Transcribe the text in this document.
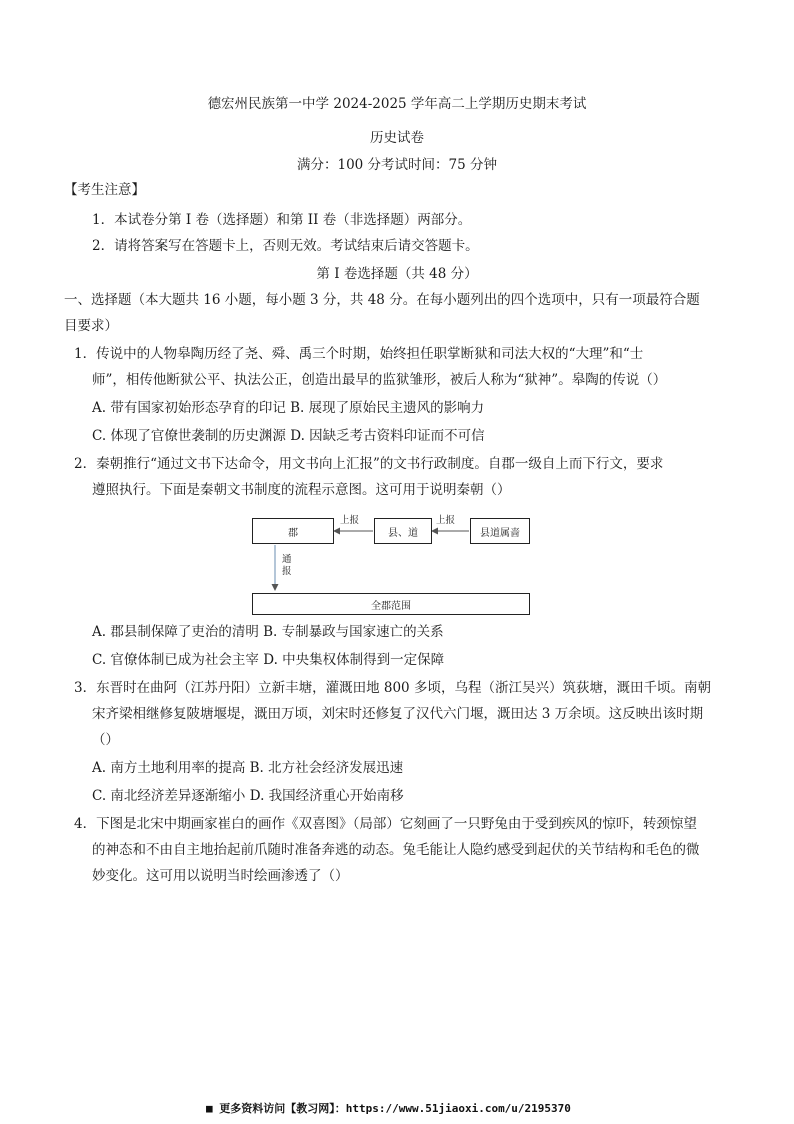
德宏州民族第一中学 2024-2025 学年高二上学期历史期末考试
历史试卷
满分：100 分考试时间：75 分钟
【考生注意】
1．本试卷分第 I 卷（选择题）和第 II 卷（非选择题）两部分。
2．请将答案写在答题卡上，否则无效。考试结束后请交答题卡。
第 I 卷选择题（共 48 分）
一、选择题（本大题共 16 小题，每小题 3 分，共 48 分。在每小题列出的四个选项中，只有一项最符合题
目要求）
1．传说中的人物皋陶历经了尧、舜、禹三个时期，始终担任职掌断狱和司法大权的“大理”和“士
师”，相传他断狱公平、执法公正，创造出最早的监狱雏形，被后人称为“狱神”。皋陶的传说（）
A. 带有国家初始形态孕育的印记 B. 展现了原始民主遗风的影响力
C. 体现了官僚世袭制的历史渊源 D. 因缺乏考古资料印证而不可信
2．秦朝推行“通过文书下达命令，用文书向上汇报”的文书行政制度。自郡一级自上而下行文，要求
遵照执行。下面是秦朝文书制度的流程示意图。这可用于说明秦朝（）
郡	县、道	县道属啬
上报	上报
通报
全郡范围
A. 郡县制保障了吏治的清明 B. 专制暴政与国家速亡的关系
C. 官僚体制已成为社会主宰 D. 中央集权体制得到一定保障
3．东晋时在曲阿（江苏丹阳）立新丰塘，灌溉田地 800 多顷，乌程（浙江吴兴）筑荻塘，溉田千顷。南朝
宋齐梁相继修复陂塘堰堤，溉田万顷，刘宋时还修复了汉代六门堰，溉田达 3 万余顷。这反映出该时期
（）
A. 南方土地利用率的提高 B. 北方社会经济发展迅速
C. 南北经济差异逐渐缩小 D. 我国经济重心开始南移
4．下图是北宋中期画家崔白的画作《双喜图》（局部）它刻画了一只野兔由于受到疾风的惊吓，转颈惊望
的神态和不由自主地抬起前爪随时准备奔逃的动态。兔毛能让人隐约感受到起伏的关节结构和毛色的微
妙变化。这可用以说明当时绘画渗透了（）
■ 更多资料访问【教习网】：https://www.51jiaoxi.com/u/2195370
